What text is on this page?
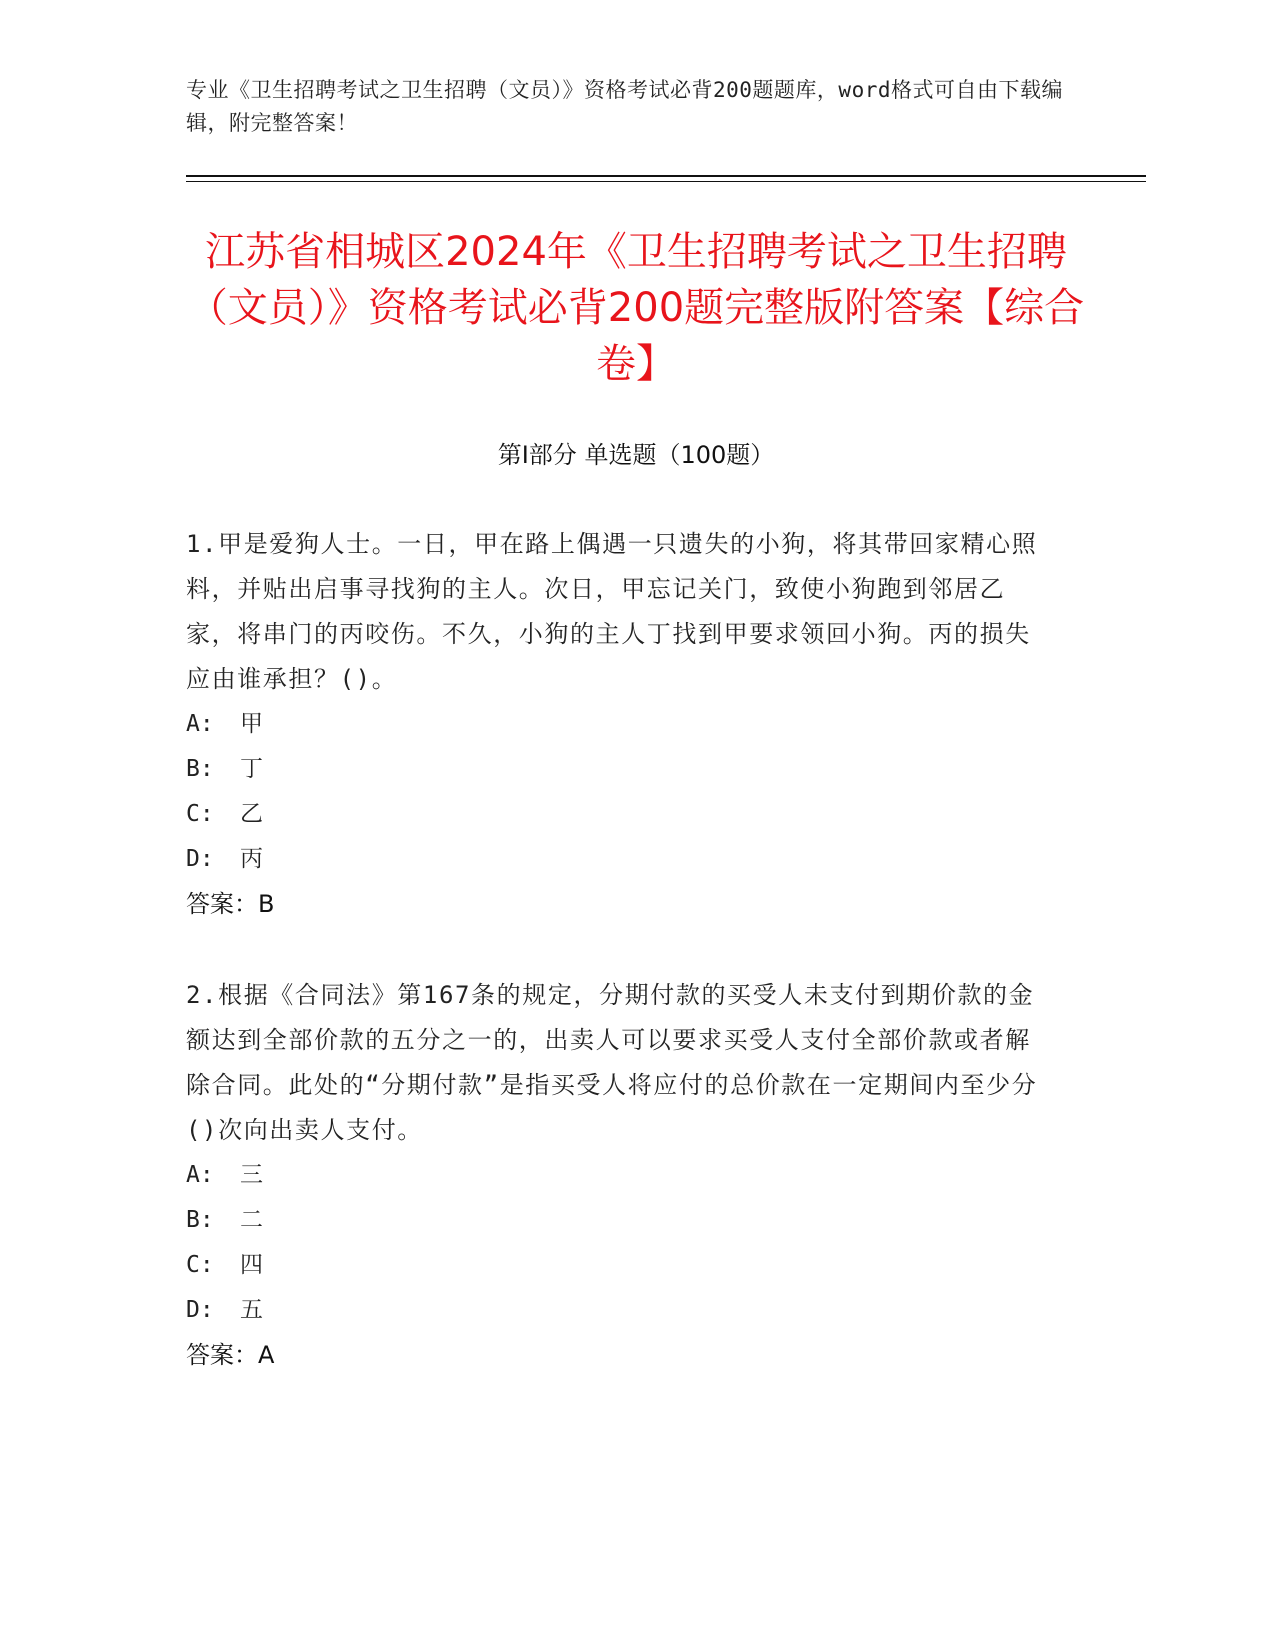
专业《卫生招聘考试之卫生招聘（文员）》资格考试必背200题题库，word格式可自由下载编辑，附完整答案！
江苏省相城区2024年《卫生招聘考试之卫生招聘（文员）》资格考试必背200题完整版附答案【综合卷】
第Ⅰ部分 单选题（100题）

1.甲是爱狗人士。一日，甲在路上偶遇一只遗失的小狗，将其带回家精心照料，并贴出启事寻找狗的主人。次日，甲忘记关门，致使小狗跑到邻居乙家，将串门的丙咬伤。不久，小狗的主人丁找到甲要求领回小狗。丙的损失应由谁承担？()。

A: 甲
B: 丁
C: 乙
D: 丙
答案：B

2.根据《合同法》第167条的规定，分期付款的买受人未支付到期价款的金额达到全部价款的五分之一的，出卖人可以要求买受人支付全部价款或者解除合同。此处的“分期付款”是指买受人将应付的总价款在一定期间内至少分()次向出卖人支付。

A: 三
B: 二
C: 四
D: 五
答案：A
